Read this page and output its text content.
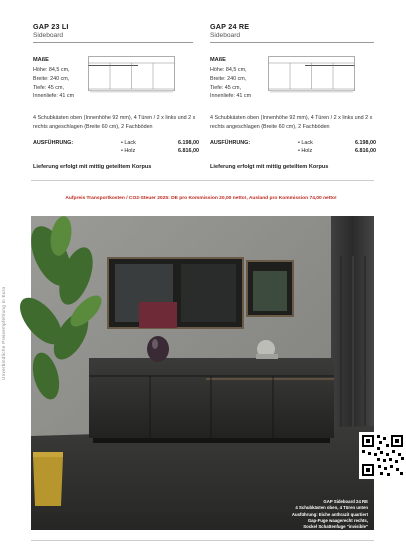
GAP 23 LI
Sideboard
MAßE
Höhe: 84,5 cm,
Breite: 240 cm,
Tiefe: 45 cm,
Innenliefe: 41 cm
4 Schubkästen oben (Innenhöhe 92 mm), 4 Türen / 2 x links und 2 x rechts angeschlagen (Breite 60 cm), 2 Fachböden
AUSFÜHRUNG:	• Lack	6.198,00
• Holz	6.816,00
Lieferung erfolgt mit mittig geteiltem Korpus
GAP 24 RE
Sideboard
MAßE
Höhe: 84,5 cm,
Breite: 240 cm,
Tiefe: 45 cm,
Innenliefe: 41 cm
4 Schubkästen oben (Innenhöhe 92 mm), 4 Türen / 2 x links und 2 x rechts angeschlagen (Breite 60 cm), 2 Fachböden
AUSFÜHRUNG:	• Lack	6.198,00
• Holz	6.816,00
Lieferung erfolgt mit mittig geteiltem Korpus
Aufpreis Transportkosten / CO2-Steuer 2025: DE pro Kommission 20,00 netto!, Ausland pro Kommission 74,00 netto!
Unverbindliche Preisempfehlung in Euro
GAP Sideboard 24 RE
4 Schubkästen oben, 4 Türen unten
Ausführung: Eiche anthrazit quartiert
Gap-Fuge waagerecht rechts,
Sockel Schattenfuge "invisible"
Maße: B 240 x T 45 x H 84,5 cm
